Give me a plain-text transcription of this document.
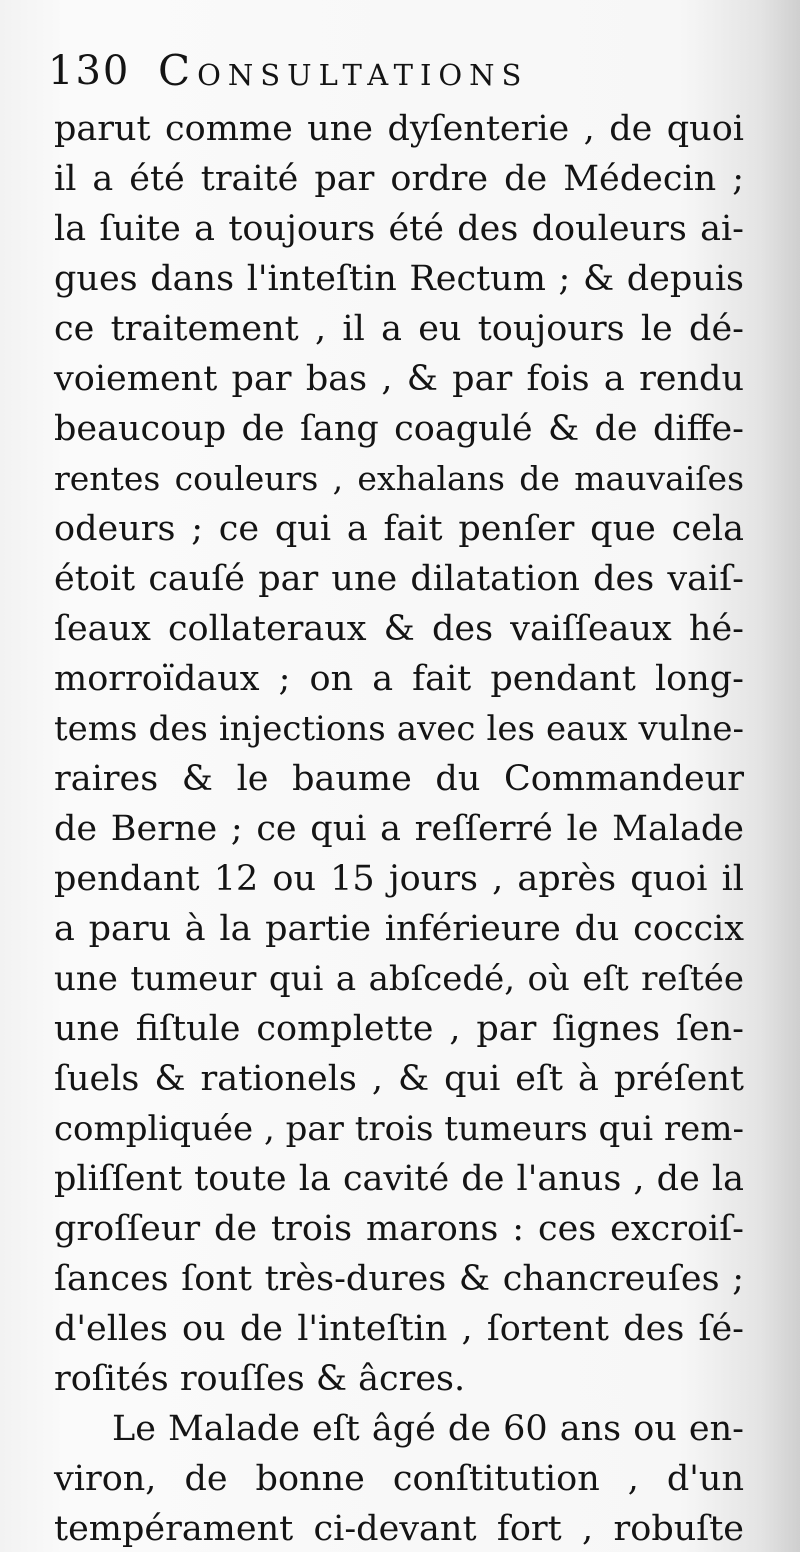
130 Consultations
parut comme une dyſenterie , de quoi
il a été traité par ordre de Médecin ;
la ſuite a toujours été des douleurs ai-
gues dans l'inteſtin Rectum ; & depuis
ce traitement , il a eu toujours le dé-
voiement par bas , & par fois a rendu
beaucoup de ſang coagulé & de diffe-
rentes couleurs , exhalans de mauvaiſes
odeurs ; ce qui a fait penſer que cela
étoit cauſé par une dilatation des vaiſ-
ſeaux collateraux & des vaiſſeaux hé-
morroïdaux ; on a fait pendant long-
tems des injections avec les eaux vulne-
raires & le baume du Commandeur
de Berne ; ce qui a reſſerré le Malade
pendant 12 ou 15 jours , après quoi il
a paru à la partie inférieure du coccix
une tumeur qui a abſcedé, où eſt reſtée
une fiſtule complette , par ſignes ſen-
ſuels & rationels , & qui eſt à préſent
compliquée , par trois tumeurs qui rem-
pliſſent toute la cavité de l'anus , de la
groſſeur de trois marons : ces excroiſ-
ſances ſont très-dures & chancreuſes ;
d'elles ou de l'inteſtin , ſortent des ſé-
roſités rouſſes & âcres.
Le Malade eſt âgé de 60 ans ou en-
viron, de bonne conſtitution , d'un
tempérament ci-devant fort , robuſte
